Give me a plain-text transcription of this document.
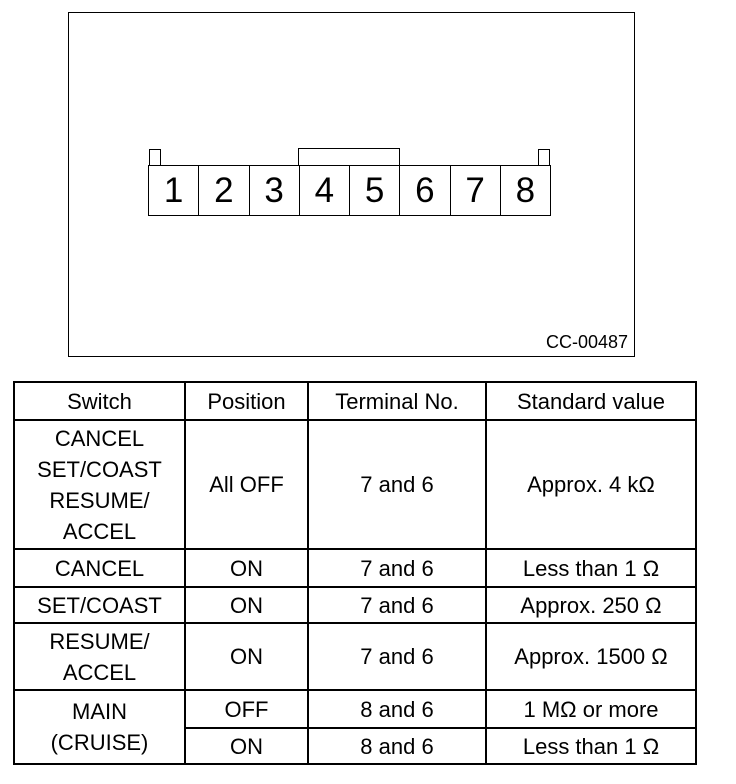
1 2 3 4 5 6 7 8
CC-00487
Switch	Position	Terminal No.	Standard value

CANCEL
SET/COAST
RESUME/
ACCEL	All OFF	7 and 6	Approx. 4 kΩ

CANCEL	ON	7 and 6	Less than 1 Ω

SET/COAST	ON	7 and 6	Approx. 250 Ω

RESUME/
ACCEL	ON	7 and 6	Approx. 1500 Ω

MAIN
(CRUISE)	OFF	8 and 6	1 MΩ or more
	ON	8 and 6	Less than 1 Ω
